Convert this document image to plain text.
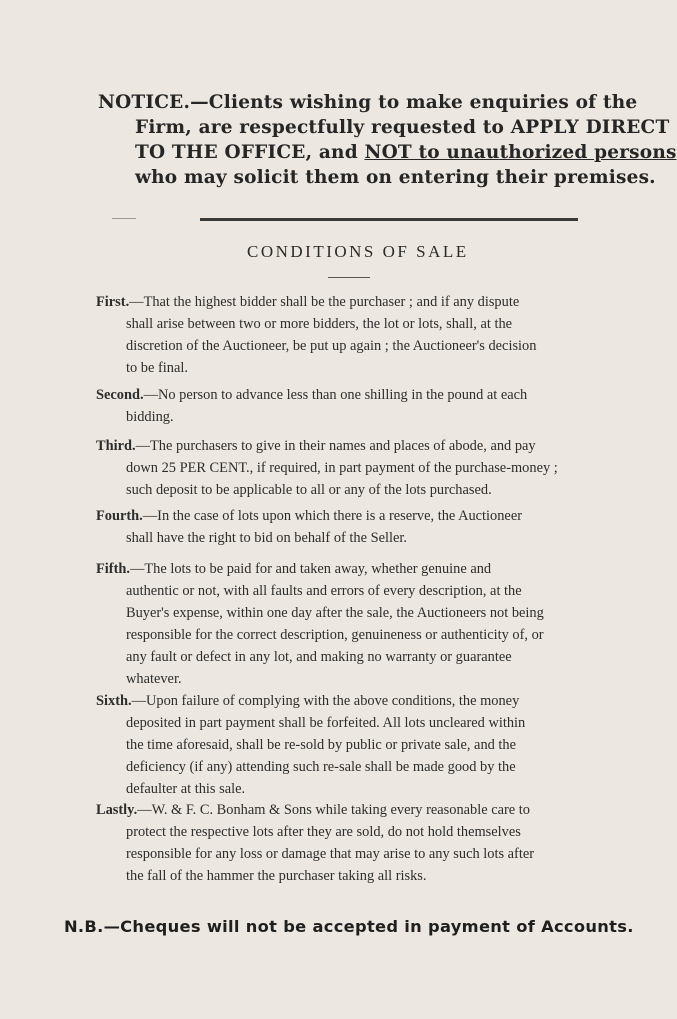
NOTICE.—Clients wishing to make enquiries of the
Firm, are respectfully requested to APPLY DIRECT
TO THE OFFICE, and NOT to unauthorized persons
who may solicit them on entering their premises.
CONDITIONS OF SALE
First.—That the highest bidder shall be the purchaser ; and if any dispute
shall arise between two or more bidders, the lot or lots, shall, at the
discretion of the Auctioneer, be put up again ; the Auctioneer's decision
to be final.
Second.—No person to advance less than one shilling in the pound at each
bidding.
Third.—The purchasers to give in their names and places of abode, and pay
down 25 PER CENT., if required, in part payment of the purchase-money ;
such deposit to be applicable to all or any of the lots purchased.
Fourth.—In the case of lots upon which there is a reserve, the Auctioneer
shall have the right to bid on behalf of the Seller.
Fifth.—The lots to be paid for and taken away, whether genuine and
authentic or not, with all faults and errors of every description, at the
Buyer's expense, within one day after the sale, the Auctioneers not being
responsible for the correct description, genuineness or authenticity of, or
any fault or defect in any lot, and making no warranty or guarantee
whatever.
Sixth.—Upon failure of complying with the above conditions, the money
deposited in part payment shall be forfeited. All lots uncleared within
the time aforesaid, shall be re-sold by public or private sale, and the
deficiency (if any) attending such re-sale shall be made good by the
defaulter at this sale.
Lastly.—W. & F. C. Bonham & Sons while taking every reasonable care to
protect the respective lots after they are sold, do not hold themselves
responsible for any loss or damage that may arise to any such lots after
the fall of the hammer the purchaser taking all risks.
N.B.—Cheques will not be accepted in payment of Accounts.
